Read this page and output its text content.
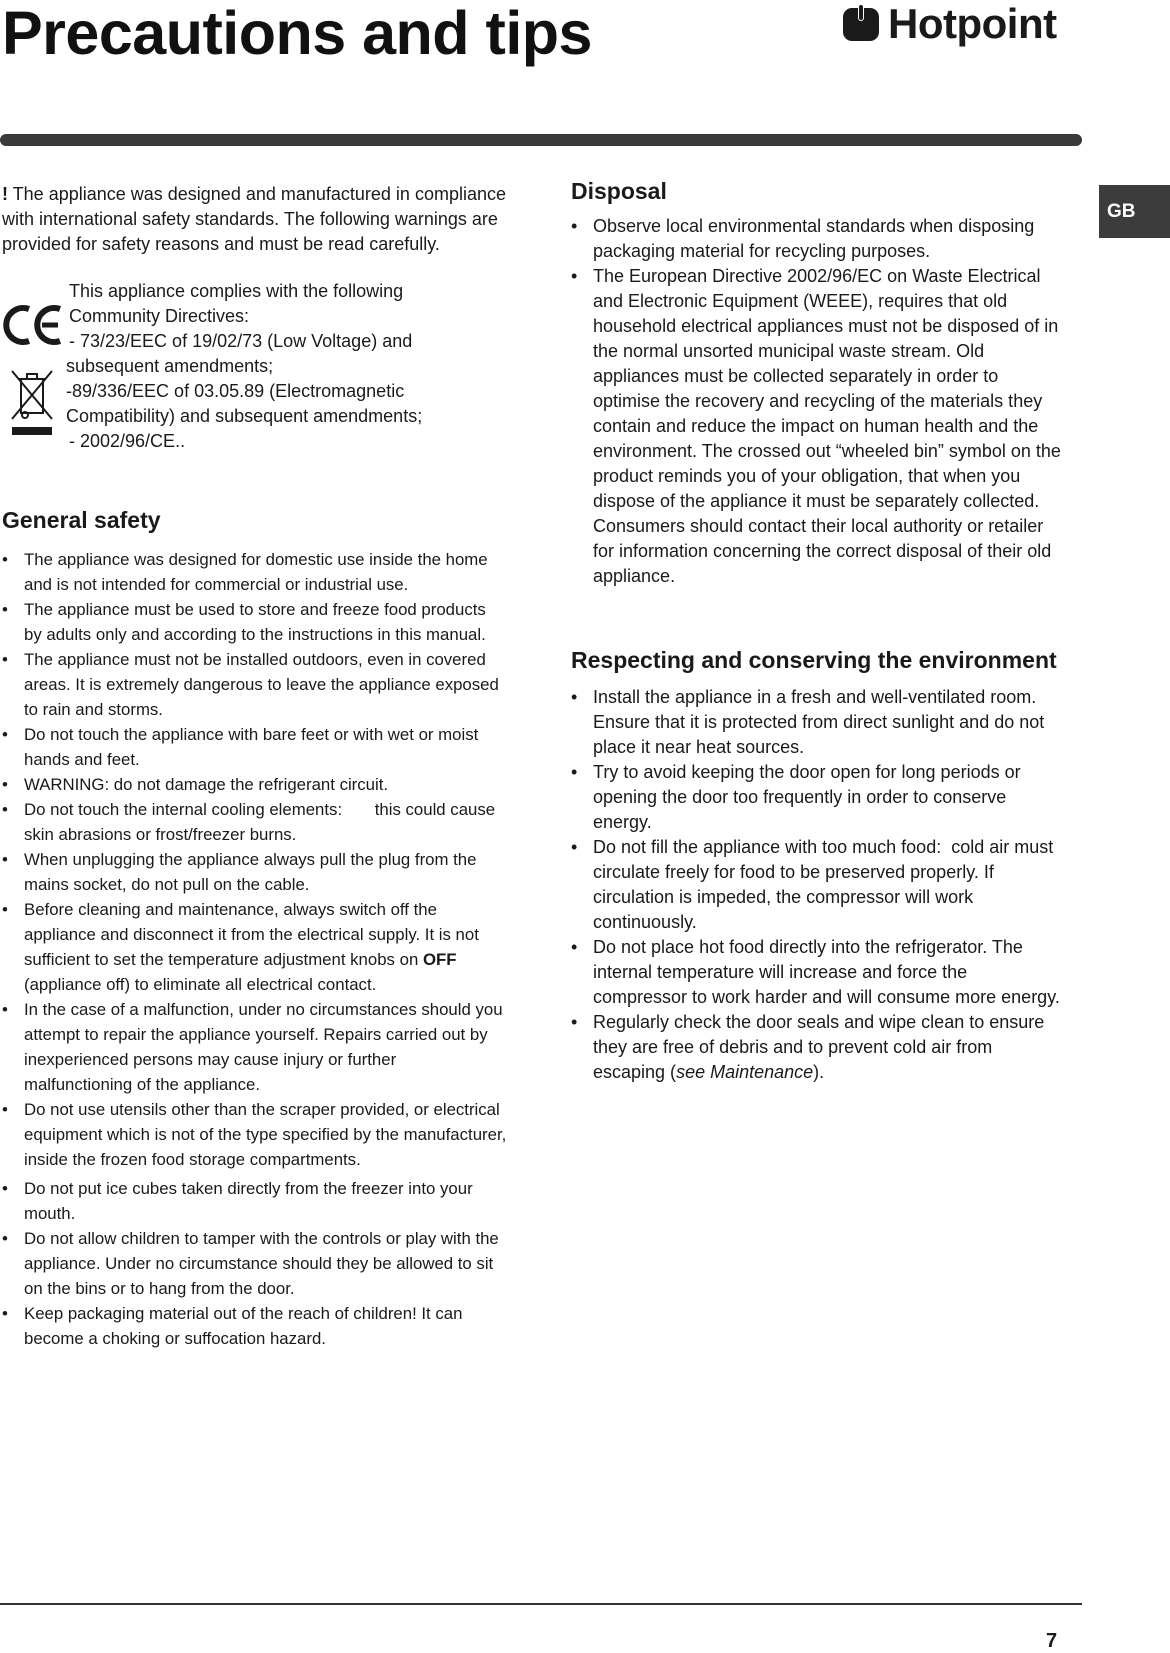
Precautions and tips	Hotpoint
GB

! The appliance was designed and manufactured in compliance with international safety standards. The following warnings are provided for safety reasons and must be read carefully.

This appliance complies with the following
Community Directives:
- 73/23/EEC of 19/02/73 (Low Voltage) and
subsequent amendments;
-89/336/EEC of 03.05.89 (Electromagnetic
Compatibility) and subsequent amendments;
- 2002/96/CE..
General safety
• The appliance was designed for domestic use inside the home and is not intended for commercial or industrial use.
• The appliance must be used to store and freeze food products by adults only and according to the instructions in this manual.
• The appliance must not be installed outdoors, even in covered areas. It is extremely dangerous to leave the appliance exposed to rain and storms.
• Do not touch the appliance with bare feet or with wet or moist hands and feet.
• WARNING: do not damage the refrigerant circuit.
• Do not touch the internal cooling elements:       this could cause skin abrasions or frost/freezer burns.
• When unplugging the appliance always pull the plug from the mains socket, do not pull on the cable.
• Before cleaning and maintenance, always switch off the appliance and disconnect it from the electrical supply. It is not sufficient to set the temperature adjustment knobs on OFF (appliance off) to eliminate all electrical contact.
• In the case of a malfunction, under no circumstances should you attempt to repair the appliance yourself. Repairs carried out by inexperienced persons may cause injury or further malfunctioning of the appliance.
• Do not use utensils other than the scraper provided, or electrical equipment which is not of the type specified by the manufacturer, inside the frozen food storage compartments.
• Do not put ice cubes taken directly from the freezer into your mouth.
• Do not allow children to tamper with the controls or play with the appliance. Under no circumstance should they be allowed to sit on the bins or to hang from the door.
• Keep packaging material out of the reach of children! It can become a choking or suffocation hazard.
Disposal
• Observe local environmental standards when disposing packaging material for recycling purposes.
• The European Directive 2002/96/EC on Waste Electrical and Electronic Equipment (WEEE), requires that old household electrical appliances must not be disposed of in the normal unsorted municipal waste stream. Old appliances must be collected separately in order to optimise the recovery and recycling of the materials they contain and reduce the impact on human health and the environment. The crossed out “wheeled bin” symbol on the product reminds you of your obligation, that when you dispose of the appliance it must be separately collected.
Consumers should contact their local authority or retailer for information concerning the correct disposal of their old appliance.
Respecting and conserving the environment
• Install the appliance in a fresh and well-ventilated room. Ensure that it is protected from direct sunlight and do not place it near heat sources.
• Try to avoid keeping the door open for long periods or opening the door too frequently in order to conserve energy.
• Do not fill the appliance with too much food:  cold air must circulate freely for food to be preserved properly. If circulation is impeded, the compressor will work continuously.
• Do not place hot food directly into the refrigerator. The internal temperature will increase and force the compressor to work harder and will consume more energy.
• Regularly check the door seals and wipe clean to ensure they are free of debris and to prevent cold air from escaping (see Maintenance).
7
